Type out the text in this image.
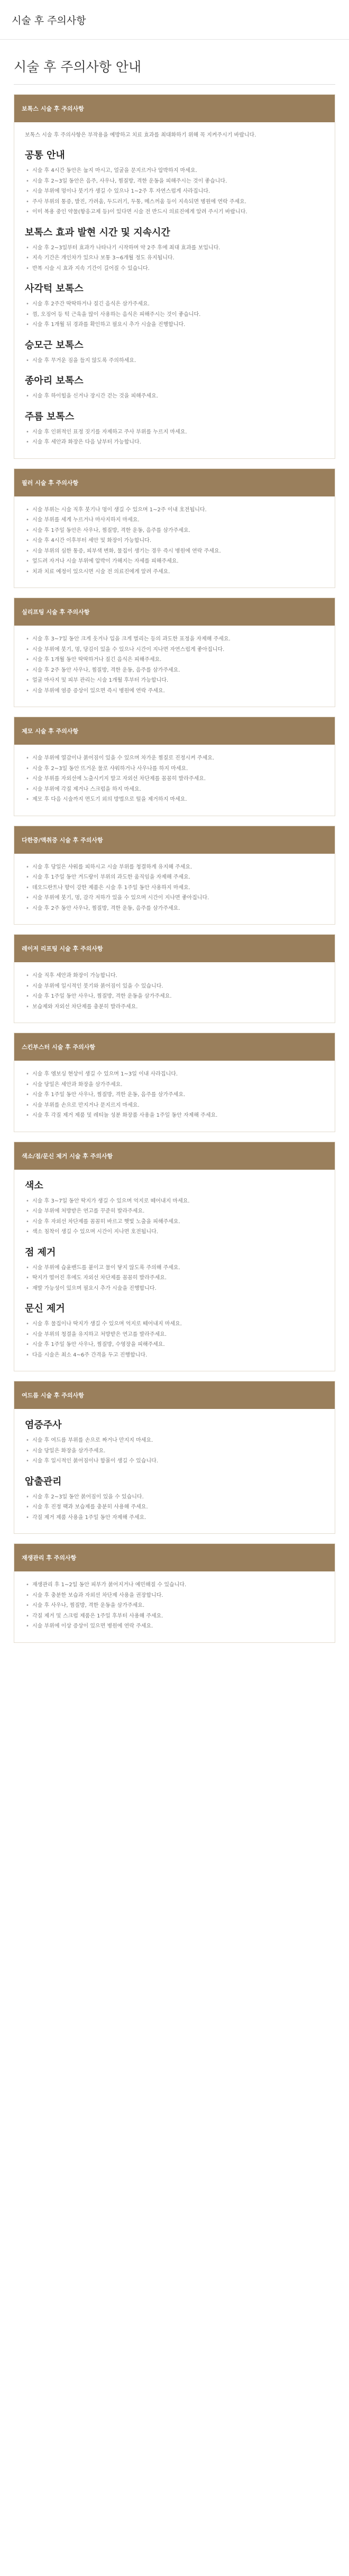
시술 후 주의사항
시술 후 주의사항 안내
보톡스 시술 후 주의사항

보톡스 시술 후 주의사항은 부작용을 예방하고 치료 효과를 최대화하기 위해 꼭 지켜주시기 바랍니다.

공통 안내
• 시술 후 4시간 동안은 눕지 마시고, 얼굴을 문지르거나 압박하지 마세요.
• 시술 후 2~3일 동안은 음주, 사우나, 찜질방, 격한 운동을 피해주시는 것이 좋습니다.
• 시술 부위에 멍이나 붓기가 생길 수 있으나 1~2주 후 자연스럽게 사라집니다.
• 주사 부위의 통증, 발진, 가려움, 두드러기, 두통, 메스꺼움 등이 지속되면 병원에 연락 주세요.
• 이미 복용 중인 약물(항응고제 등)이 있다면 시술 전 반드시 의료진에게 알려 주시기 바랍니다.
보톡스 효과 발현 시간 및 지속시간
• 시술 후 2~3일부터 효과가 나타나기 시작하며 약 2주 후에 최대 효과를 보입니다.
• 지속 기간은 개인차가 있으나 보통 3~6개월 정도 유지됩니다.
• 반복 시술 시 효과 지속 기간이 길어질 수 있습니다.
사각턱 보톡스
• 시술 후 2주간 딱딱하거나 질긴 음식은 삼가주세요.
• 껌, 오징어 등 턱 근육을 많이 사용하는 음식은 피해주시는 것이 좋습니다.
• 시술 후 1개월 뒤 경과를 확인하고 필요시 추가 시술을 진행합니다.
승모근 보톡스
• 시술 후 무거운 짐을 들지 않도록 주의하세요.
종아리 보톡스
• 시술 후 하이힐을 신거나 장시간 걷는 것을 피해주세요.
주름 보톡스
• 시술 후 인위적인 표정 짓기를 자제하고 주사 부위를 누르지 마세요.
• 시술 후 세안과 화장은 다음 날부터 가능합니다.
필러 시술 후 주의사항
• 시술 부위는 시술 직후 붓기나 멍이 생길 수 있으며 1~2주 이내 호전됩니다.
• 시술 부위를 세게 누르거나 마사지하지 마세요.
• 시술 후 1주일 동안은 사우나, 찜질방, 격한 운동, 음주를 삼가주세요.
• 시술 후 4시간 이후부터 세안 및 화장이 가능합니다.
• 시술 부위의 심한 통증, 피부색 변화, 물집이 생기는 경우 즉시 병원에 연락 주세요.
• 엎드려 자거나 시술 부위에 압박이 가해지는 자세를 피해주세요.
• 치과 치료 예정이 있으시면 시술 전 의료진에게 알려 주세요.
실리프팅 시술 후 주의사항
• 시술 후 3~7일 동안 크게 웃거나 입을 크게 벌리는 등의 과도한 표정을 자제해 주세요.
• 시술 부위에 붓기, 멍, 당김이 있을 수 있으나 시간이 지나면 자연스럽게 좋아집니다.
• 시술 후 1개월 동안 딱딱하거나 질긴 음식은 피해주세요.
• 시술 후 2주 동안 사우나, 찜질방, 격한 운동, 음주를 삼가주세요.
• 얼굴 마사지 및 피부 관리는 시술 1개월 후부터 가능합니다.
• 시술 부위에 염증 증상이 있으면 즉시 병원에 연락 주세요.
제모 시술 후 주의사항
• 시술 부위에 열감이나 붉어짐이 있을 수 있으며 차가운 찜질로 진정시켜 주세요.
• 시술 후 2~3일 동안 뜨거운 물로 샤워하거나 사우나를 하지 마세요.
• 시술 부위를 자외선에 노출시키지 말고 자외선 차단제를 꼼꼼히 발라주세요.
• 시술 부위에 각질 제거나 스크럽을 하지 마세요.
• 제모 후 다음 시술까지 면도기 외의 방법으로 털을 제거하지 마세요.
다한증/액취증 시술 후 주의사항
• 시술 후 당일은 샤워를 피하시고 시술 부위를 청결하게 유지해 주세요.
• 시술 후 1주일 동안 겨드랑이 부위의 과도한 움직임을 자제해 주세요.
• 데오드란트나 향이 강한 제품은 시술 후 1주일 동안 사용하지 마세요.
• 시술 부위에 붓기, 멍, 감각 저하가 있을 수 있으며 시간이 지나면 좋아집니다.
• 시술 후 2주 동안 사우나, 찜질방, 격한 운동, 음주를 삼가주세요.
레이저 리프팅 시술 후 주의사항
• 시술 직후 세안과 화장이 가능합니다.
• 시술 부위에 일시적인 붓기와 붉어짐이 있을 수 있습니다.
• 시술 후 1주일 동안 사우나, 찜질방, 격한 운동을 삼가주세요.
• 보습제와 자외선 차단제를 충분히 발라주세요.
스킨부스터 시술 후 주의사항
• 시술 후 엠보싱 현상이 생길 수 있으며 1~3일 이내 사라집니다.
• 시술 당일은 세안과 화장을 삼가주세요.
• 시술 후 1주일 동안 사우나, 찜질방, 격한 운동, 음주를 삼가주세요.
• 시술 부위를 손으로 만지거나 문지르지 마세요.
• 시술 후 각질 제거 제품 및 레티놀 성분 화장품 사용을 1주일 동안 자제해 주세요.
색소/점/문신 제거 시술 후 주의사항
색소
• 시술 후 3~7일 동안 딱지가 생길 수 있으며 억지로 떼어내지 마세요.
• 시술 부위에 처방받은 연고를 꾸준히 발라주세요.
• 시술 후 자외선 차단제를 꼼꼼히 바르고 햇빛 노출을 피해주세요.
• 색소 침착이 생길 수 있으며 시간이 지나면 호전됩니다.
점 제거
• 시술 부위에 습윤밴드를 붙이고 물이 닿지 않도록 주의해 주세요.
• 딱지가 떨어진 후에도 자외선 차단제를 꼼꼼히 발라주세요.
• 재발 가능성이 있으며 필요시 추가 시술을 진행합니다.
문신 제거
• 시술 후 물집이나 딱지가 생길 수 있으며 억지로 떼어내지 마세요.
• 시술 부위의 청결을 유지하고 처방받은 연고를 발라주세요.
• 시술 후 1주일 동안 사우나, 찜질방, 수영장을 피해주세요.
• 다음 시술은 최소 4~6주 간격을 두고 진행합니다.
여드름 시술 후 주의사항
염증주사
• 시술 후 여드름 부위를 손으로 짜거나 만지지 마세요.
• 시술 당일은 화장을 삼가주세요.
• 시술 후 일시적인 붉어짐이나 함몰이 생길 수 있습니다.
압출관리
• 시술 후 2~3일 동안 붉어짐이 있을 수 있습니다.
• 시술 후 진정 팩과 보습제를 충분히 사용해 주세요.
• 각질 제거 제품 사용을 1주일 동안 자제해 주세요.
재생관리 후 주의사항
• 재생관리 후 1~2일 동안 피부가 붉어지거나 예민해질 수 있습니다.
• 시술 후 충분한 보습과 자외선 차단제 사용을 권장합니다.
• 시술 후 사우나, 찜질방, 격한 운동을 삼가주세요.
• 각질 제거 및 스크럽 제품은 1주일 후부터 사용해 주세요.
• 시술 부위에 이상 증상이 있으면 병원에 연락 주세요.
